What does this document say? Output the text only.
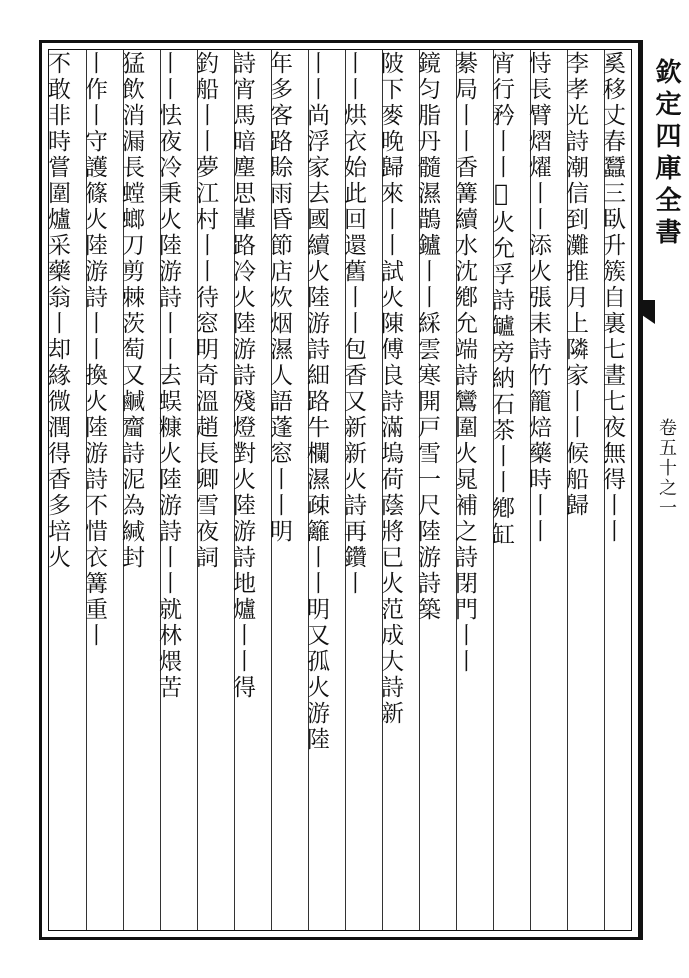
奚移丈春蠶三臥升簇自裏七晝七夜無得丨丨
李孝光詩潮信到灘推月上隣家丨丨候船歸
恃長臂熠燿丨丨添火張耒詩竹籠焙藥時丨丨
宵行矜丨丨𦡊火允孚詩罏旁納石茶丨丨鄕缸
綦局丨丨香篝續水沈鄕允端詩鸞圍火晁補之詩閉門丨丨
鏡匀脂丹髓濕鵲鑪丨丨綵雲寒開戸雪一尺陸游詩築
陂下麥晚歸來丨丨試火陳傅良詩滿塢荷蔭將已火范成大詩新
丨丨烘衣始此回還舊丨丨包香又新新火詩再鑽丨
丨丨尚浮家去國續火陸游詩細路牛欄濕疎籬丨丨明又孤火游陸
年多客路賒雨昏節店炊烟濕人語蓬窓丨丨明
詩宵馬暗塵思輩路冷火陸游詩殘燈對火陸游詩地爐丨丨得
釣船丨丨夢江村丨丨待窓明奇溫趙長卿雪夜詞
丨丨怯夜冷秉火陸游詩丨丨去蜈糠火陸游詩丨丨就林煨苦
猛飲消漏長螳螂刀剪棘茨萄又鹹齏詩泥為緘封
丨作丨守護篠火陸游詩丨丨換火陸游詩不惜衣篝重丨
不敢非時嘗圍爐采藥翁丨却緣微潤得香多培火	欽定四庫全書
卷五十之一
